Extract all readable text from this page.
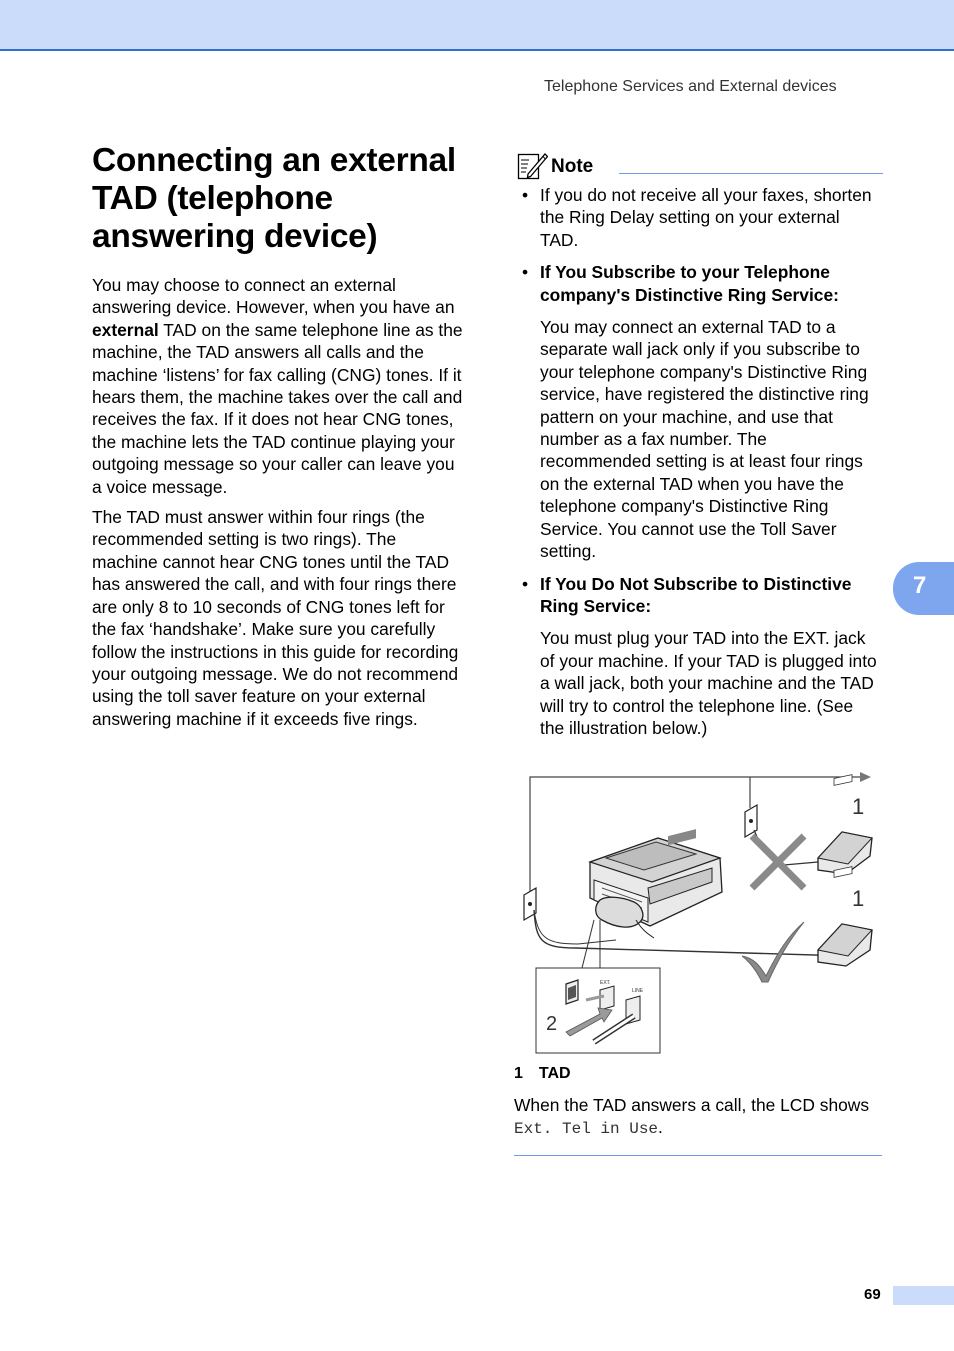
Telephone Services and External devices
Connecting an external TAD (telephone answering device)

You may choose to connect an external answering device. However, when you have an external TAD on the same telephone line as the machine, the TAD answers all calls and the machine ‘listens’ for fax calling (CNG) tones. If it hears them, the machine takes over the call and receives the fax. If it does not hear CNG tones, the machine lets the TAD continue playing your outgoing message so your caller can leave you a voice message.

The TAD must answer within four rings (the recommended setting is two rings). The machine cannot hear CNG tones until the TAD has answered the call, and with four rings there are only 8 to 10 seconds of CNG tones left for the fax ‘handshake’. Make sure you carefully follow the instructions in this guide for recording your outgoing message. We do not recommend using the toll saver feature on your external answering machine if it exceeds five rings.

Note
• If you do not receive all your faxes, shorten the Ring Delay setting on your external TAD.

• If You Subscribe to your Telephone company's Distinctive Ring Service:

You may connect an external TAD to a separate wall jack only if you subscribe to your telephone company's Distinctive Ring service, have registered the distinctive ring pattern on your machine, and use that number as a fax number. The recommended setting is at least four rings on the external TAD when you have the telephone company's Distinctive Ring Service. You cannot use the Toll Saver setting.

• If You Do Not Subscribe to Distinctive Ring Service:

You must plug your TAD into the EXT. jack of your machine. If your TAD is plugged into a wall jack, both your machine and the TAD will try to control the telephone line. (See the illustration below.)

1
1
EXT.
LINE
2
1 TAD
When the TAD answers a call, the LCD shows Ext. Tel in Use.
7
69
